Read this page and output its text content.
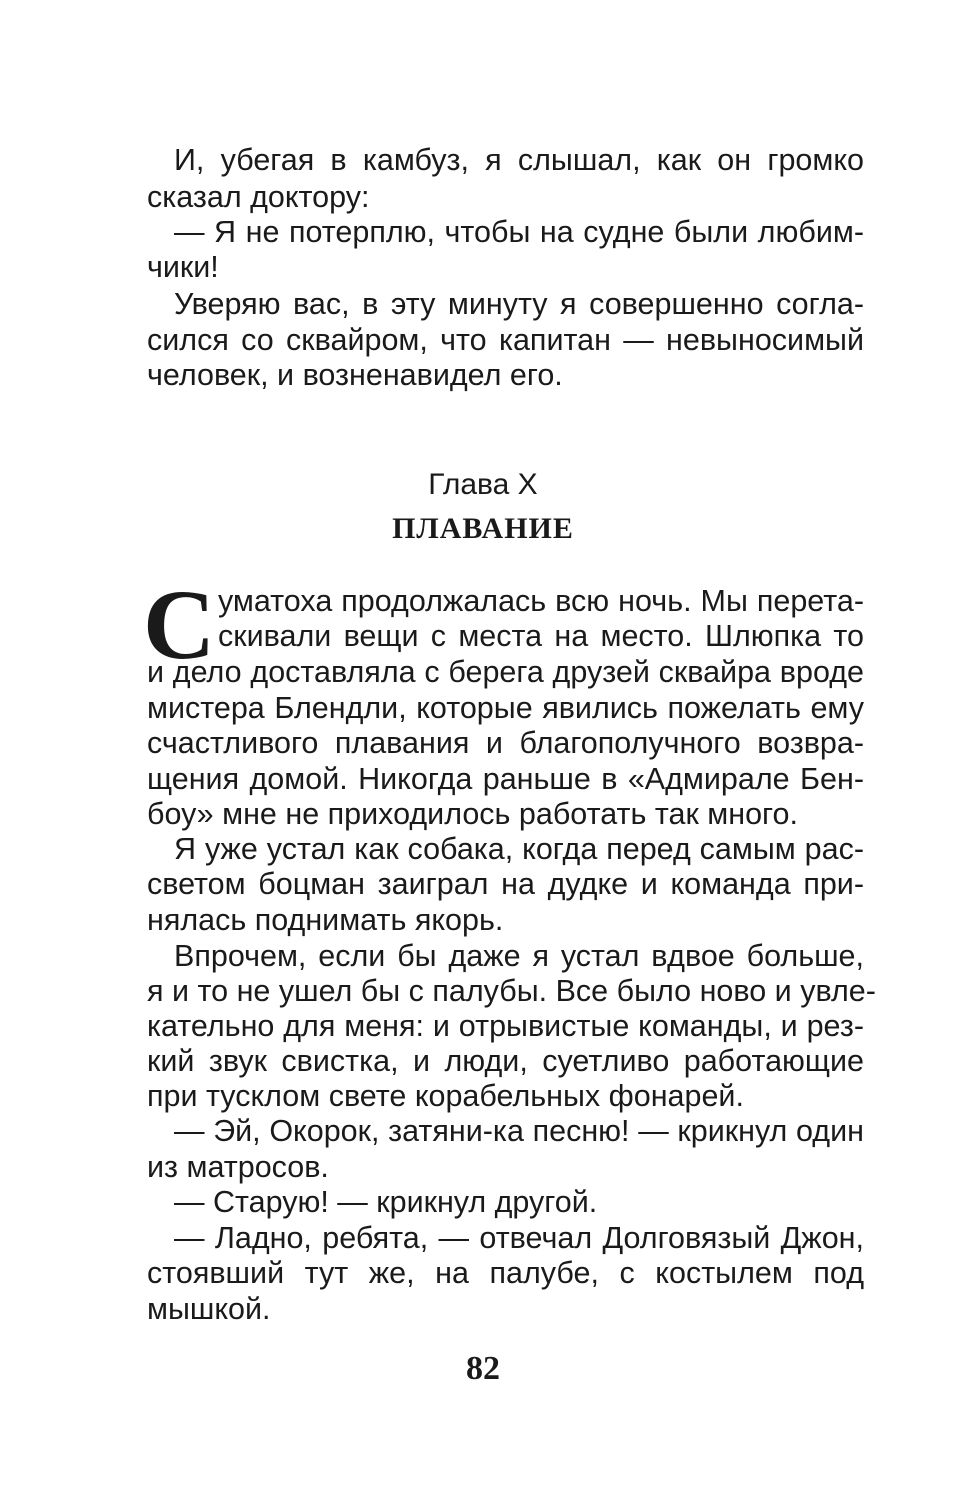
И, убегая в камбуз, я слышал, как он громко

сказал доктору:

— Я не потерплю, чтобы на судне были любим-

чики!

Уверяю вас, в эту минуту я совершенно согла-

сился со сквайром, что капитан — невыносимый

человек, и возненавидел его.

Глава X

ПЛАВАНИЕ

С уматоха продолжалась всю ночь. Мы перета-

скивали вещи с места на место. Шлюпка то

и дело доставляла с берега друзей сквайра вроде

мистера Блендли, которые явились пожелать ему

счастливого плавания и благополучного возвра-

щения домой. Никогда раньше в «Адмирале Бен-

боу» мне не приходилось работать так много.

Я уже устал как собака, когда перед самым рас-

светом боцман заиграл на дудке и команда при-

нялась поднимать якорь.

Впрочем, если бы даже я устал вдвое больше,

я и то не ушел бы с палубы. Все было ново и увле-

кательно для меня: и отрывистые команды, и рез-

кий звук свистка, и люди, суетливо работающие

при тусклом свете корабельных фонарей.

— Эй, Окорок, затяни-ка песню! — крикнул один

из матросов.

— Старую! — крикнул другой.

— Ладно, ребята, — отвечал Долговязый Джон,

стоявший тут же, на палубе, с костылем под

мышкой.

82
